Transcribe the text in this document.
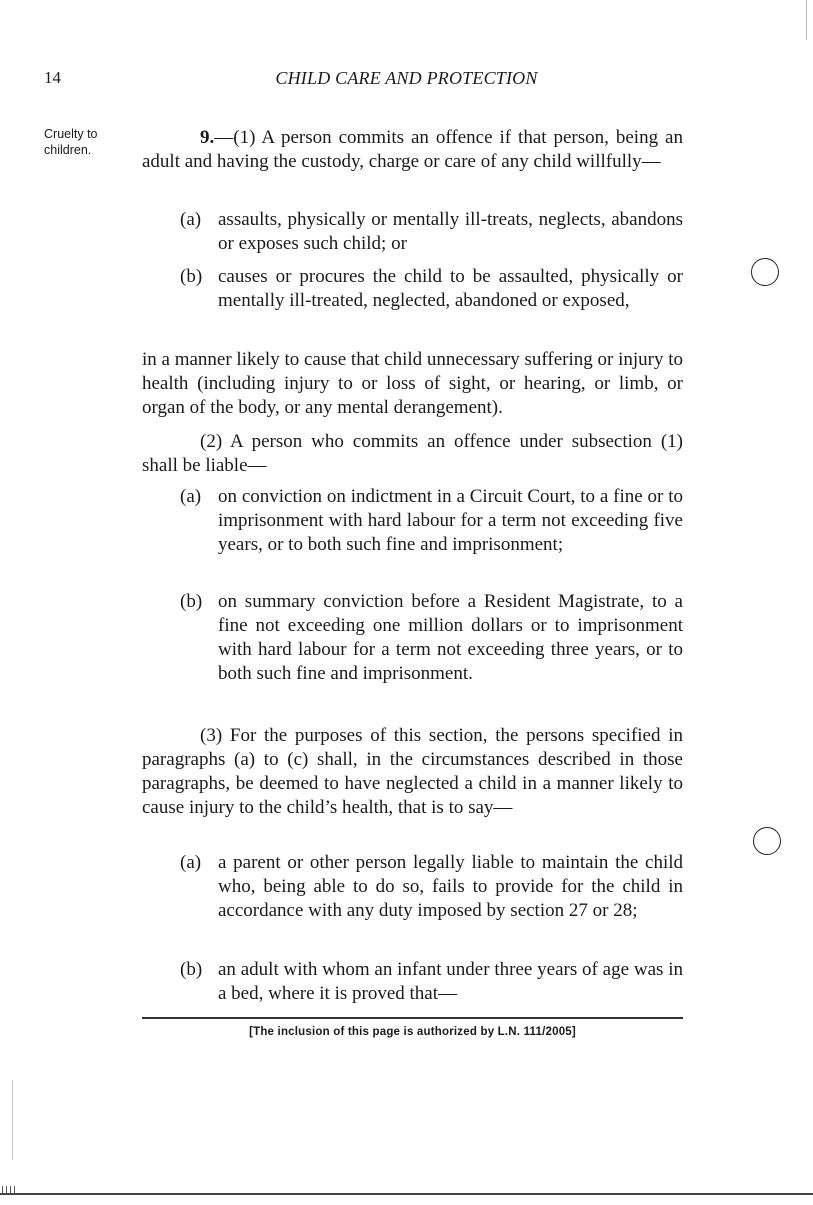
14	CHILD CARE AND PROTECTION
Cruelty to
children.
9.—(1) A person commits an offence if that person, being an adult and having the custody, charge or care of any child willfully—
(a) assaults, physically or mentally ill-treats, neglects, abandons or exposes such child; or
(b) causes or procures the child to be assaulted, physically or mentally ill-treated, neglected, abandoned or exposed,
in a manner likely to cause that child unnecessary suffering or injury to health (including injury to or loss of sight, or hearing, or limb, or organ of the body, or any mental derangement).
(2) A person who commits an offence under subsection (1) shall be liable—
(a) on conviction on indictment in a Circuit Court, to a fine or to imprisonment with hard labour for a term not exceeding five years, or to both such fine and imprisonment;
(b) on summary conviction before a Resident Magistrate, to a fine not exceeding one million dollars or to imprisonment with hard labour for a term not exceeding three years, or to both such fine and imprisonment.
(3) For the purposes of this section, the persons specified in paragraphs (a) to (c) shall, in the circumstances described in those paragraphs, be deemed to have neglected a child in a manner likely to cause injury to the child’s health, that is to say—
(a) a parent or other person legally liable to maintain the child who, being able to do so, fails to provide for the child in accordance with any duty imposed by section 27 or 28;
(b) an adult with whom an infant under three years of age was in a bed, where it is proved that—
[The inclusion of this page is authorized by L.N. 111/2005]
